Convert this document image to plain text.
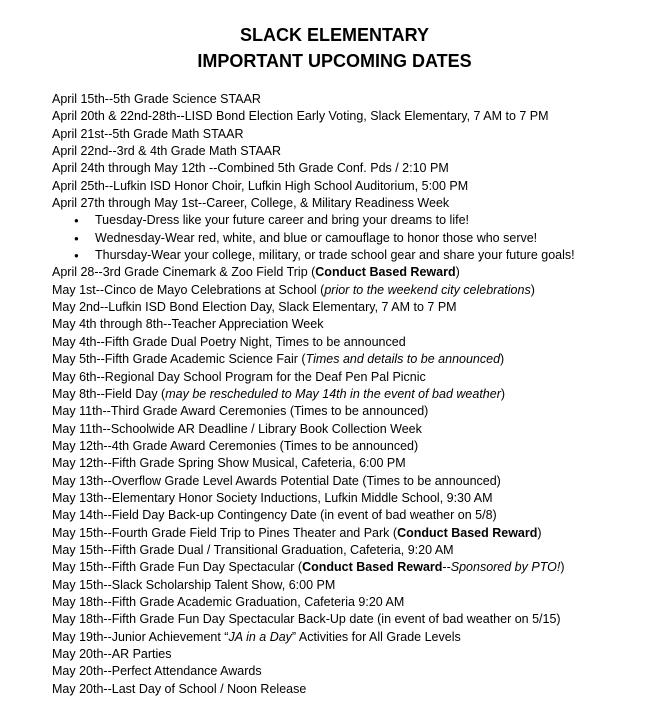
SLACK ELEMENTARY
IMPORTANT UPCOMING DATES
April 15th--5th Grade Science STAAR
April 20th & 22nd-28th--LISD Bond Election Early Voting, Slack Elementary, 7 AM to 7 PM
April 21st--5th Grade Math STAAR
April 22nd--3rd & 4th Grade Math STAAR
April 24th through May 12th --Combined 5th Grade Conf. Pds / 2:10 PM
April 25th--Lufkin ISD Honor Choir, Lufkin High School Auditorium, 5:00 PM
April 27th through May 1st--Career, College, & Military Readiness Week
● Tuesday-Dress like your future career and bring your dreams to life!
● Wednesday-Wear red, white, and blue or camouflage to honor those who serve!
● Thursday-Wear your college, military, or trade school gear and share your future goals!
April 28--3rd Grade Cinemark & Zoo Field Trip (Conduct Based Reward)
May 1st--Cinco de Mayo Celebrations at School (prior to the weekend city celebrations)
May 2nd--Lufkin ISD Bond Election Day, Slack Elementary, 7 AM to 7 PM
May 4th through 8th--Teacher Appreciation Week
May 4th--Fifth Grade Dual Poetry Night, Times to be announced
May 5th--Fifth Grade Academic Science Fair (Times and details to be announced)
May 6th--Regional Day School Program for the Deaf Pen Pal Picnic
May 8th--Field Day (may be rescheduled to May 14th in the event of bad weather)
May 11th--Third Grade Award Ceremonies (Times to be announced)
May 11th--Schoolwide AR Deadline / Library Book Collection Week
May 12th--4th Grade Award Ceremonies (Times to be announced)
May 12th--Fifth Grade Spring Show Musical, Cafeteria, 6:00 PM
May 13th--Overflow Grade Level Awards Potential Date (Times to be announced)
May 13th--Elementary Honor Society Inductions, Lufkin Middle School, 9:30 AM
May 14th--Field Day Back-up Contingency Date (in event of bad weather on 5/8)
May 15th--Fourth Grade Field Trip to Pines Theater and Park (Conduct Based Reward)
May 15th--Fifth Grade Dual / Transitional Graduation, Cafeteria, 9:20 AM
May 15th--Fifth Grade Fun Day Spectacular (Conduct Based Reward--Sponsored by PTO!)
May 15th--Slack Scholarship Talent Show, 6:00 PM
May 18th--Fifth Grade Academic Graduation, Cafeteria 9:20 AM
May 18th--Fifth Grade Fun Day Spectacular Back-Up date (in event of bad weather on 5/15)
May 19th--Junior Achievement “JA in a Day” Activities for All Grade Levels
May 20th--AR Parties
May 20th--Perfect Attendance Awards
May 20th--Last Day of School / Noon Release
